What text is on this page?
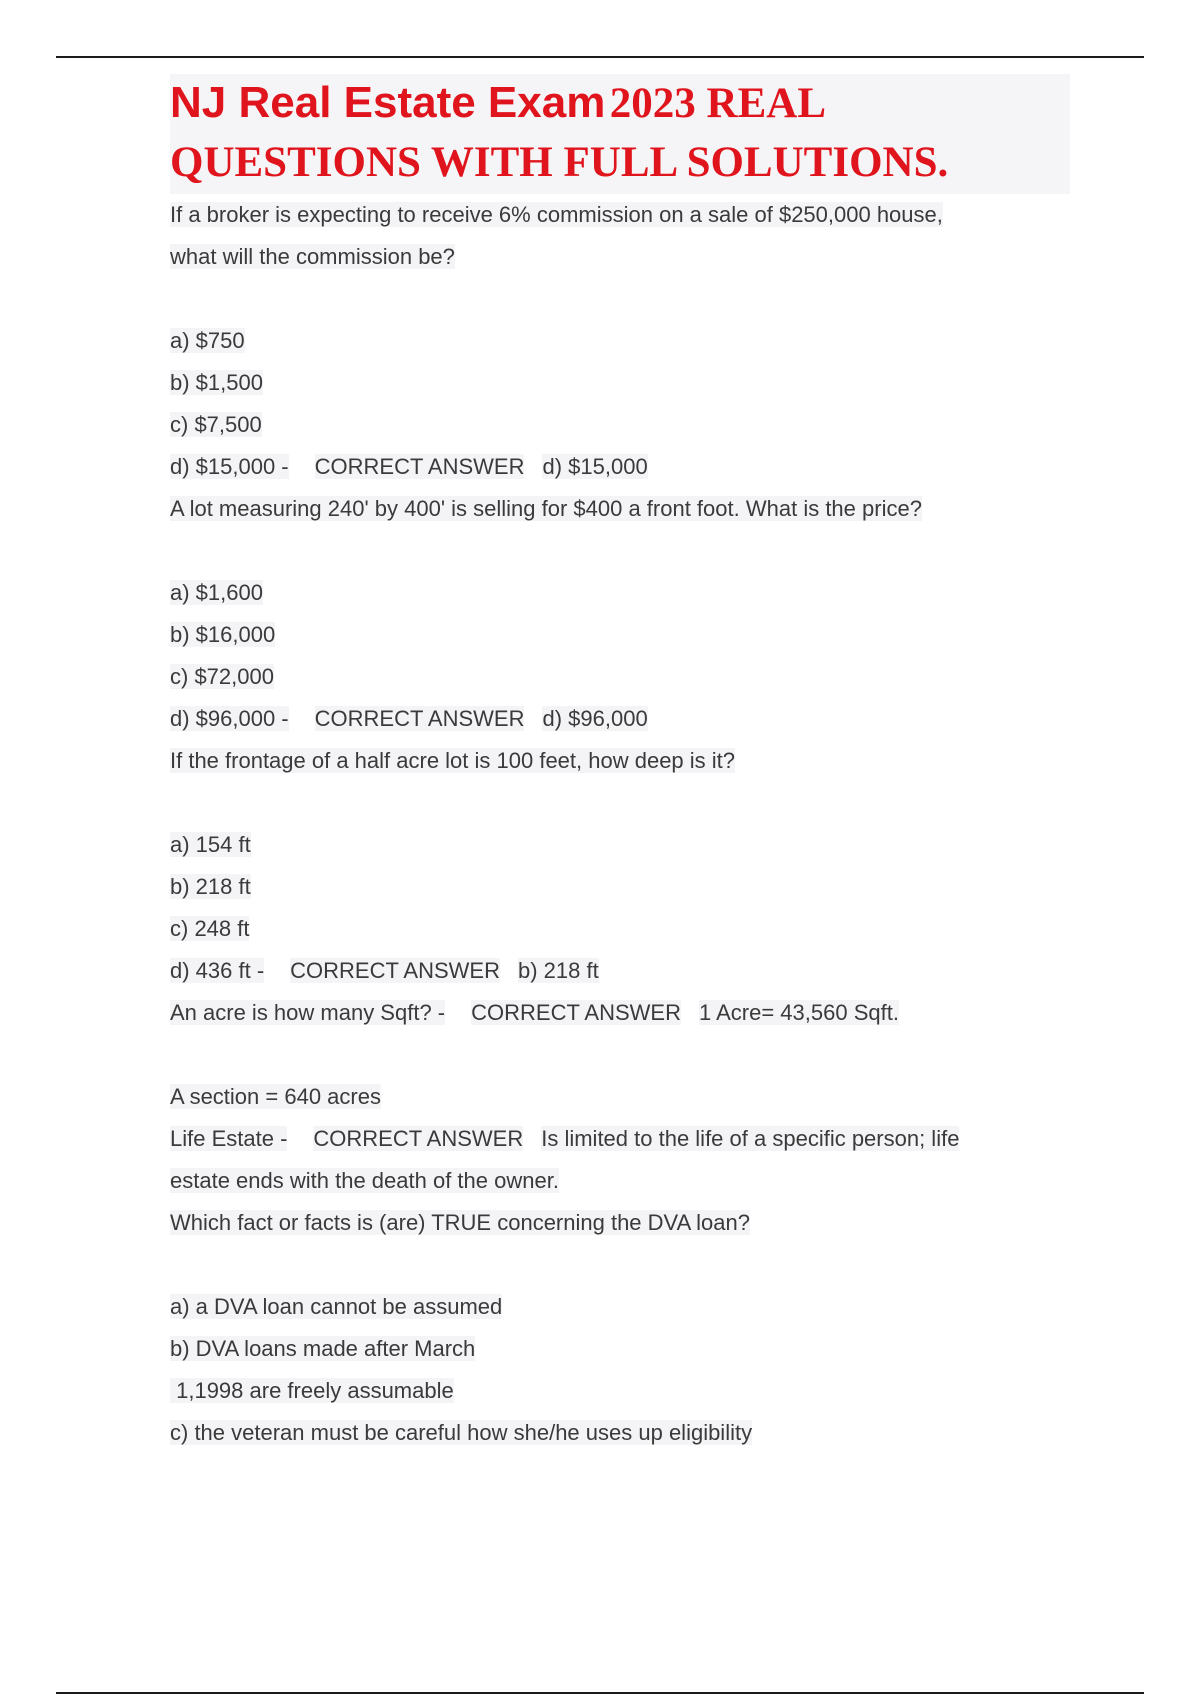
NJ Real Estate Exam 2023 REAL
QUESTIONS WITH FULL SOLUTIONS.
If a broker is expecting to receive 6% commission on a sale of $250,000 house,
what will the commission be?
a) $750
b) $1,500
c) $7,500
d) $15,000 - CORRECT ANSWER d) $15,000
A lot measuring 240' by 400' is selling for $400 a front foot. What is the price?
a) $1,600
b) $16,000
c) $72,000
d) $96,000 - CORRECT ANSWER d) $96,000
If the frontage of a half acre lot is 100 feet, how deep is it?
a) 154 ft
b) 218 ft
c) 248 ft
d) 436 ft - CORRECT ANSWER b) 218 ft
An acre is how many Sqft? - CORRECT ANSWER 1 Acre= 43,560 Sqft.
A section = 640 acres
Life Estate - CORRECT ANSWER Is limited to the life of a specific person; life
estate ends with the death of the owner.
Which fact or facts is (are) TRUE concerning the DVA loan?
a) a DVA loan cannot be assumed
b) DVA loans made after March
1,1998 are freely assumable
c) the veteran must be careful how she/he uses up eligibility
